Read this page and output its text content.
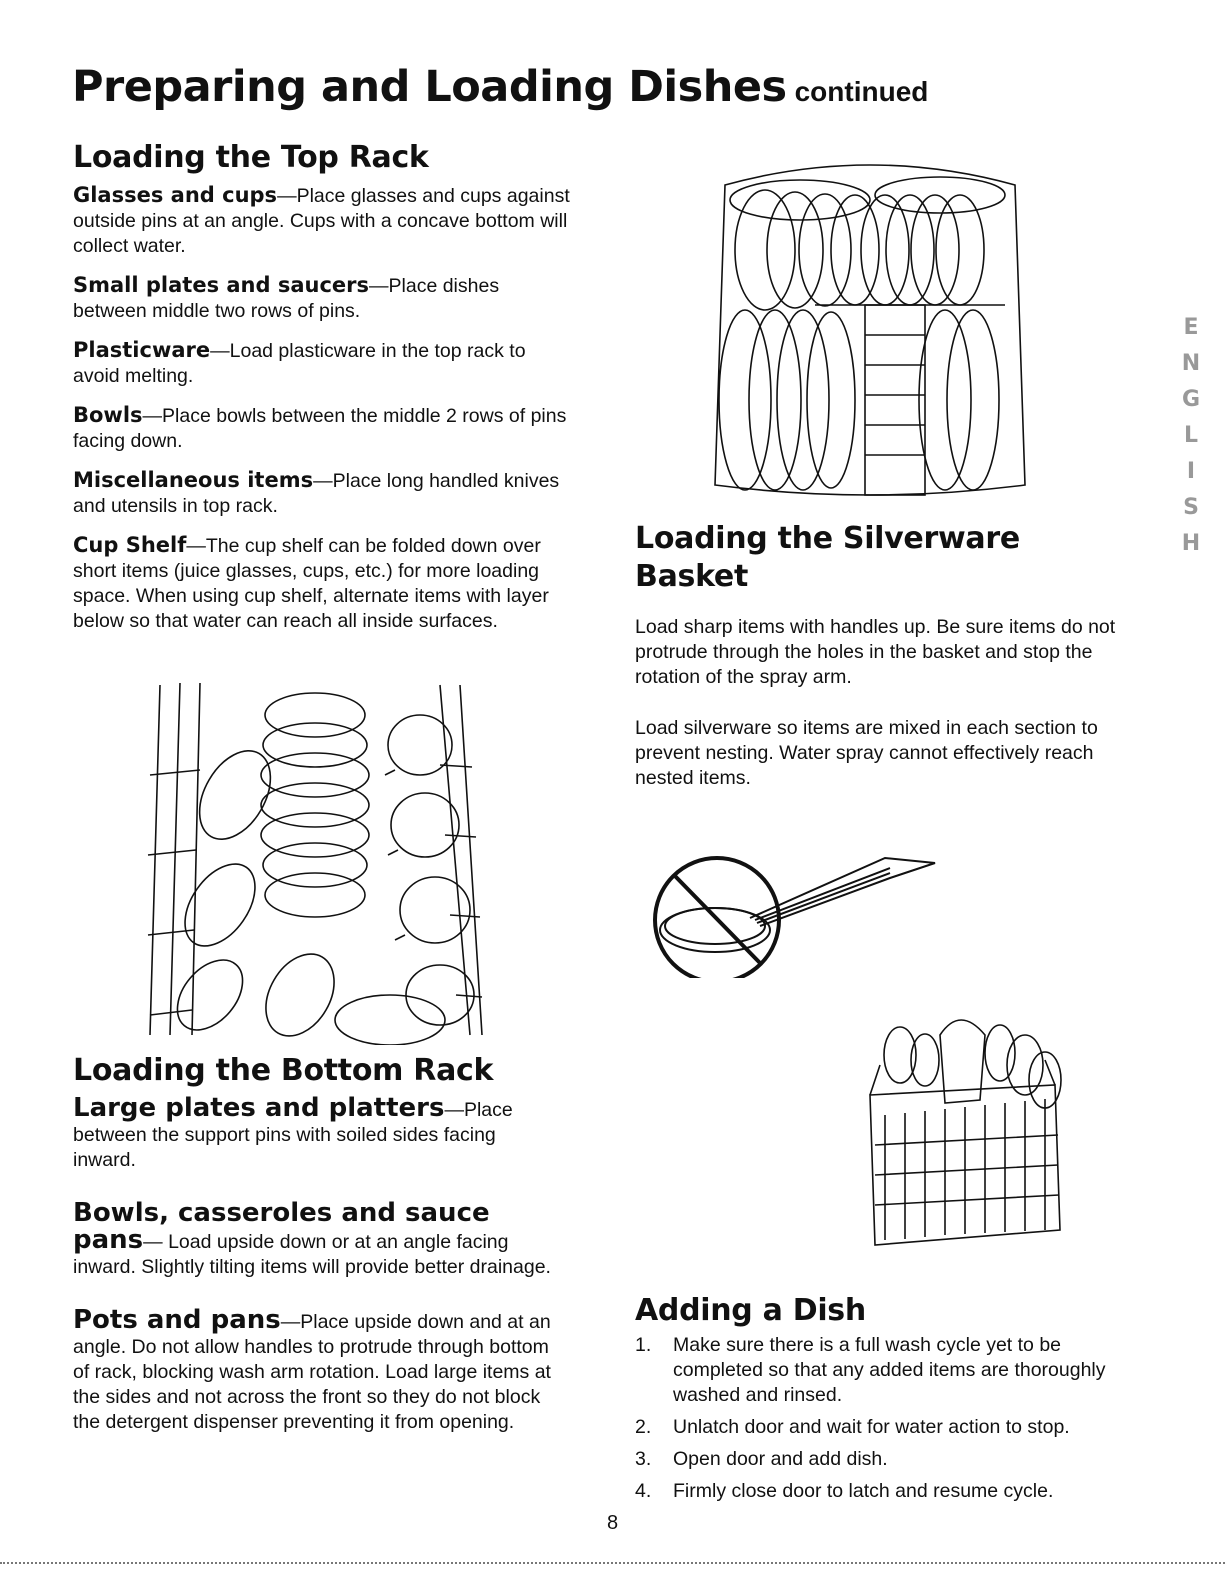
Preparing and Loading Dishes continued
Loading the Top Rack

Glasses and cups—Place glasses and cups against outside pins at an angle. Cups with a concave bottom will collect water.

Small plates and saucers—Place dishes between middle two rows of pins.

Plasticware—Load plasticware in the top rack to avoid melting.

Bowls—Place bowls between the middle 2 rows of pins facing down.

Miscellaneous items—Place long handled knives and utensils in top rack.

Cup Shelf—The cup shelf can be folded down over short items (juice glasses, cups, etc.) for more loading space. When using cup shelf, alternate items with layer below so that water can reach all inside surfaces.

Loading the Bottom Rack

Large plates and platters—Place between the support pins with soiled sides facing inward.

Bowls, casseroles and sauce pans— Load upside down or at an angle facing inward. Slightly tilting items will provide better drainage.

Pots and pans—Place upside down and at an angle. Do not allow handles to protrude through bottom of rack, blocking wash arm rotation. Load large items at the sides and not across the front so they do not block the detergent dispenser preventing it from opening.

ENGLISH
Loading the Silverware Basket

Load sharp items with handles up. Be sure items do not protrude through the holes in the basket and stop the rotation of the spray arm.

Load silverware so items are mixed in each section to prevent nesting. Water spray cannot effectively reach nested items.

Adding a Dish
1.	Make sure there is a full wash cycle yet to be completed so that any added items are thoroughly washed and rinsed.
2.	Unlatch door and wait for water action to stop.
3.	Open door and add dish.
4.	Firmly close door to latch and resume cycle.
8
